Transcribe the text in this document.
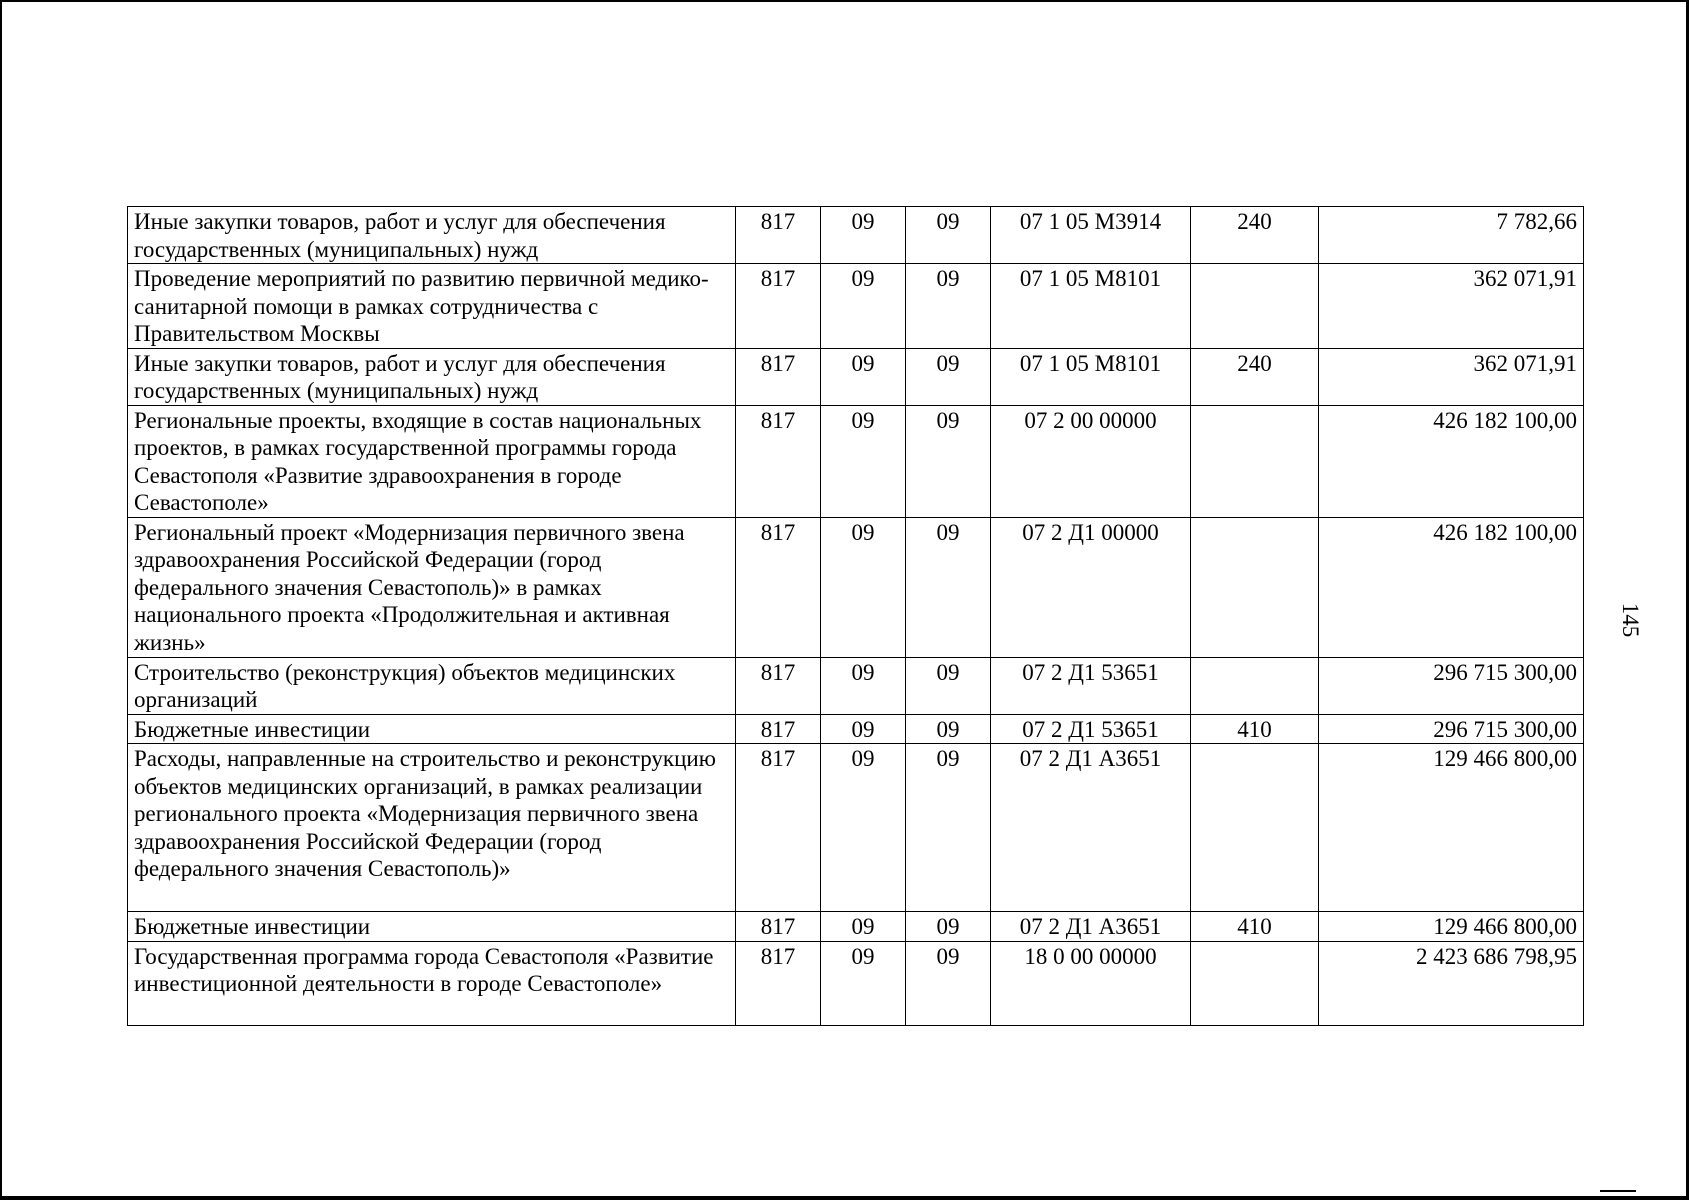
Иные закупки товаров, работ и услуг для обеспечения государственных (муниципальных) нужд	817	09	09	07 1 05 M3914	240	7 782,66
Проведение мероприятий по развитию первичной медико-санитарной помощи в рамках сотрудничества с Правительством Москвы	817	09	09	07 1 05 M8101		362 071,91
Иные закупки товаров, работ и услуг для обеспечения государственных (муниципальных) нужд	817	09	09	07 1 05 M8101	240	362 071,91
Региональные проекты, входящие в состав национальных проектов, в рамках государственной программы города Севастополя «Развитие здравоохранения в городе Севастополе»	817	09	09	07 2 00 00000		426 182 100,00
Региональный проект «Модернизация первичного звена здравоохранения Российской Федерации (город федерального значения Севастополь)» в рамках национального проекта «Продолжительная и активная жизнь»	817	09	09	07 2 Д1 00000		426 182 100,00
Строительство (реконструкция) объектов медицинских организаций	817	09	09	07 2 Д1 53651		296 715 300,00
Бюджетные инвестиции	817	09	09	07 2 Д1 53651	410	296 715 300,00
Расходы, направленные на строительство и реконструкцию объектов медицинских организаций, в рамках реализации регионального проекта «Модернизация первичного звена здравоохранения Российской Федерации (город федерального значения Севастополь)»	817	09	09	07 2 Д1 A3651		129 466 800,00
Бюджетные инвестиции	817	09	09	07 2 Д1 A3651	410	129 466 800,00
Государственная программа города Севастополя «Развитие инвестиционной деятельности в городе Севастополе»	817	09	09	18 0 00 00000		2 423 686 798,95
145
